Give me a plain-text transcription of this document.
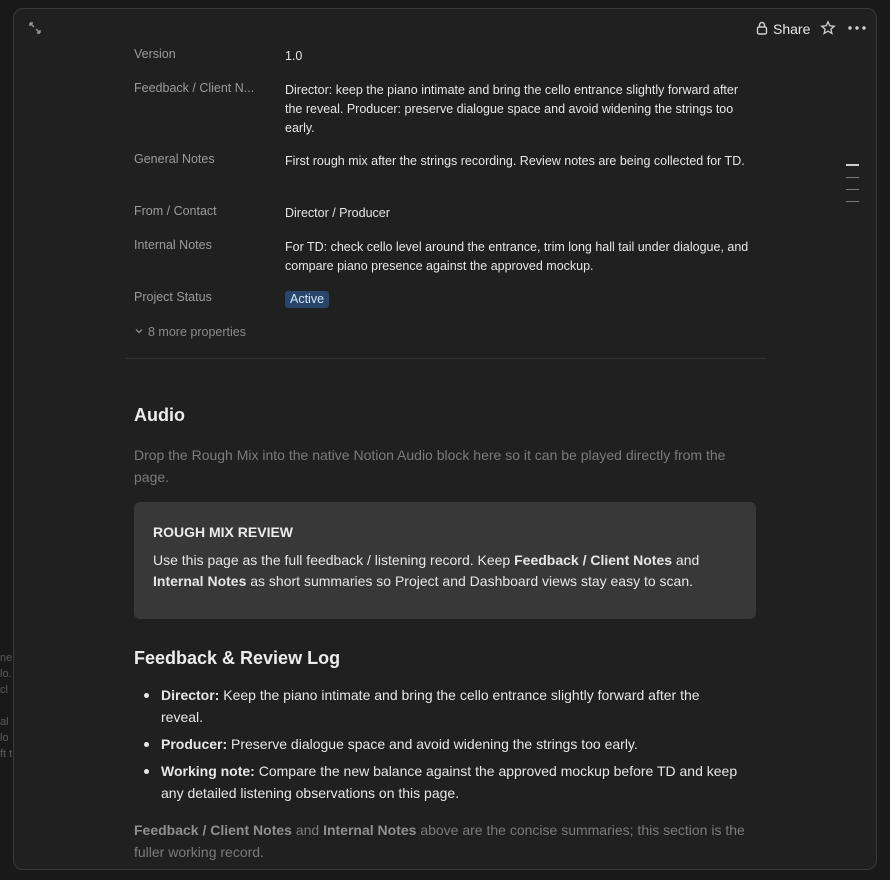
ne
lo.
cl

al
lo
ft t
Share
Version	1.0
Feedback / Client N...	Director: keep the piano intimate and bring the cello entrance slightly forward after the reveal. Producer: preserve dialogue space and avoid widening the strings too early.
General Notes	First rough mix after the strings recording. Review notes are being collected for TD.
From / Contact	Director / Producer
Internal Notes	For TD: check cello level around the entrance, trim long hall tail under dialogue, and compare piano presence against the approved mockup.
Project Status	Active
8 more properties
Audio
Drop the Rough Mix into the native Notion Audio block here so it can be played directly from the page.
ROUGH MIX REVIEW
Use this page as the full feedback / listening record. Keep Feedback / Client Notes and
Internal Notes as short summaries so Project and Dashboard views stay easy to scan.
Feedback & Review Log
Director: Keep the piano intimate and bring the cello entrance slightly forward after the reveal.
Producer: Preserve dialogue space and avoid widening the strings too early.
Working note: Compare the new balance against the approved mockup before TD and keep any detailed listening observations on this page.
Feedback / Client Notes and Internal Notes above are the concise summaries; this section is the fuller working record.
